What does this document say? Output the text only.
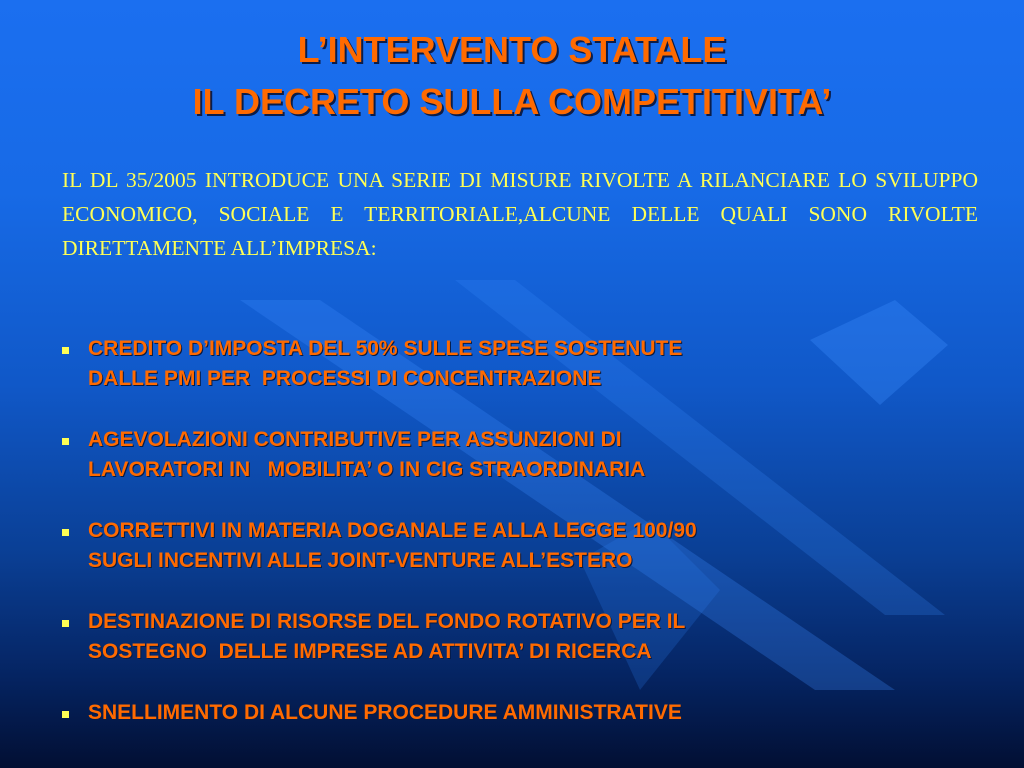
L’INTERVENTO STATALE
IL DECRETO SULLA COMPETITIVITA’
IL DL 35/2005 INTRODUCE UNA SERIE DI MISURE RIVOLTE A RILANCIARE LO SVILUPPO ECONOMICO, SOCIALE E TERRITORIALE,ALCUNE DELLE QUALI SONO RIVOLTE DIRETTAMENTE ALL’IMPRESA:
CREDITO D’IMPOSTA DEL 50% SULLE SPESE SOSTENUTE
DALLE PMI PER  PROCESSI DI CONCENTRAZIONE
AGEVOLAZIONI CONTRIBUTIVE PER ASSUNZIONI DI
LAVORATORI IN   MOBILITA’ O IN CIG STRAORDINARIA
CORRETTIVI IN MATERIA DOGANALE E ALLA LEGGE 100/90
SUGLI INCENTIVI ALLE JOINT-VENTURE ALL’ESTERO
DESTINAZIONE DI RISORSE DEL FONDO ROTATIVO PER IL
SOSTEGNO  DELLE IMPRESE AD ATTIVITA’ DI RICERCA
SNELLIMENTO DI ALCUNE PROCEDURE AMMINISTRATIVE
